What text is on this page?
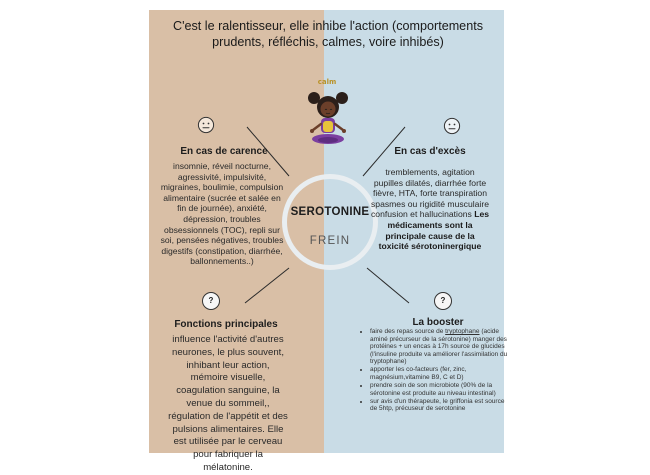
C'est le ralentisseur, elle inhibe l'action (comportements prudents, réfléchis, calmes, voire inhibés)
calm
SEROTONINE
FREIN
En cas de carence
insomnie, réveil nocturne, agressivité, impulsivité, migraines, boulimie, compulsion alimentaire (sucrée et salée en fin de journée), anxiété, dépression, troubles obsessionnels (TOC), repli sur soi, pensées négatives, troubles digestifs (constipation, diarrhée, ballonnements..)
En cas d'excès
tremblements, agitation pupilles dilatés, diarrhée forte fièvre, HTA, forte transpiration spasmes ou rigidité musculaire confusion et hallucinations Les médicaments sont la principale cause de la toxicité sérotoninergique
?	?
Fonctions principales
influence l'activité d'autres neurones, le plus souvent, inhibant leur action, mémoire visuelle, coagulation sanguine, la venue du sommeil,, régulation de l'appétit et des pulsions alimentaires. Elle est utilisée par le cerveau pour fabriquer la mélatonine.
La booster
• faire des repas source de tryptophane (acide aminé précurseur de la sérotonine) manger des protéines + un encas à 17h source de glucides (l'insuline produite va améliorer l'assimilation du tryptophane)
• apporter les co-facteurs (fer, zinc, magnésium,vitamine B9, C et D)
• prendre soin de son microbiote (90% de la sérotonine est produite au niveau intestinal)
• sur avis d'un thérapeute, le griffonia est source de 5htp, précuseur de serotonine
